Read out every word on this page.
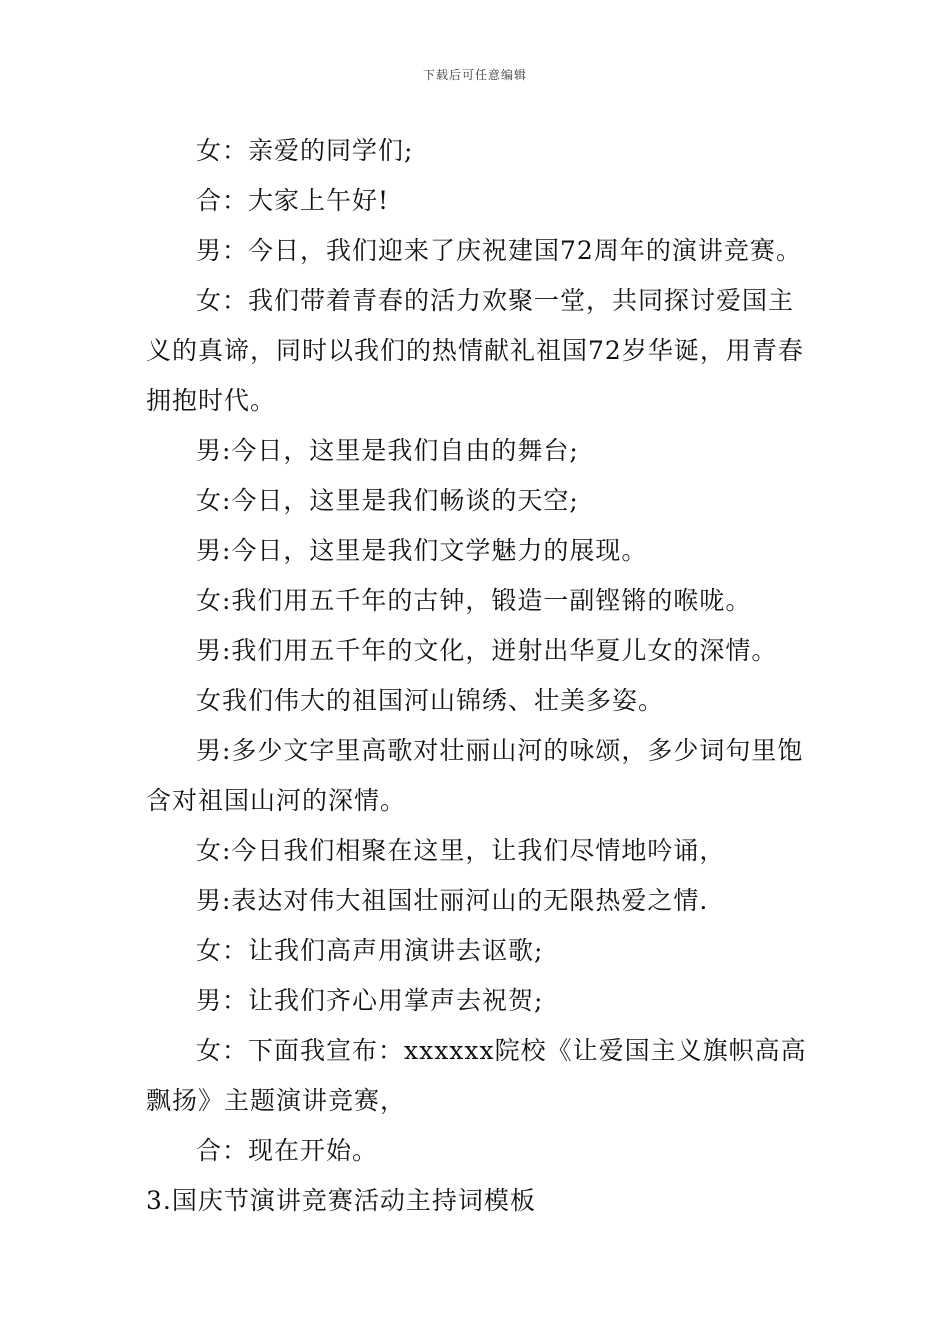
下载后可任意编辑

女：亲爱的同学们;

合：大家上午好!

男：今日，我们迎来了庆祝建国72周年的演讲竞赛。

女：我们带着青春的活力欢聚一堂，共同探讨爱国主义的真谛，同时以我们的热情献礼祖国72岁华诞，用青春拥抱时代。

男:今日，这里是我们自由的舞台;

女:今日，这里是我们畅谈的天空;

男:今日，这里是我们文学魅力的展现。

女:我们用五千年的古钟，锻造一副铿锵的喉咙。

男:我们用五千年的文化，迸射出华夏儿女的深情。

女我们伟大的祖国河山锦绣、壮美多姿。

男:多少文字里高歌对壮丽山河的咏颂，多少词句里饱含对祖国山河的深情。

女:今日我们相聚在这里，让我们尽情地吟诵，

男:表达对伟大祖国壮丽河山的无限热爱之情.

女：让我们高声用演讲去讴歌;

男：让我们齐心用掌声去祝贺;

女：下面我宣布：xxxxxx院校《让爱国主义旗帜高高飘扬》主题演讲竞赛，

合：现在开始。

3.国庆节演讲竞赛活动主持词模板
